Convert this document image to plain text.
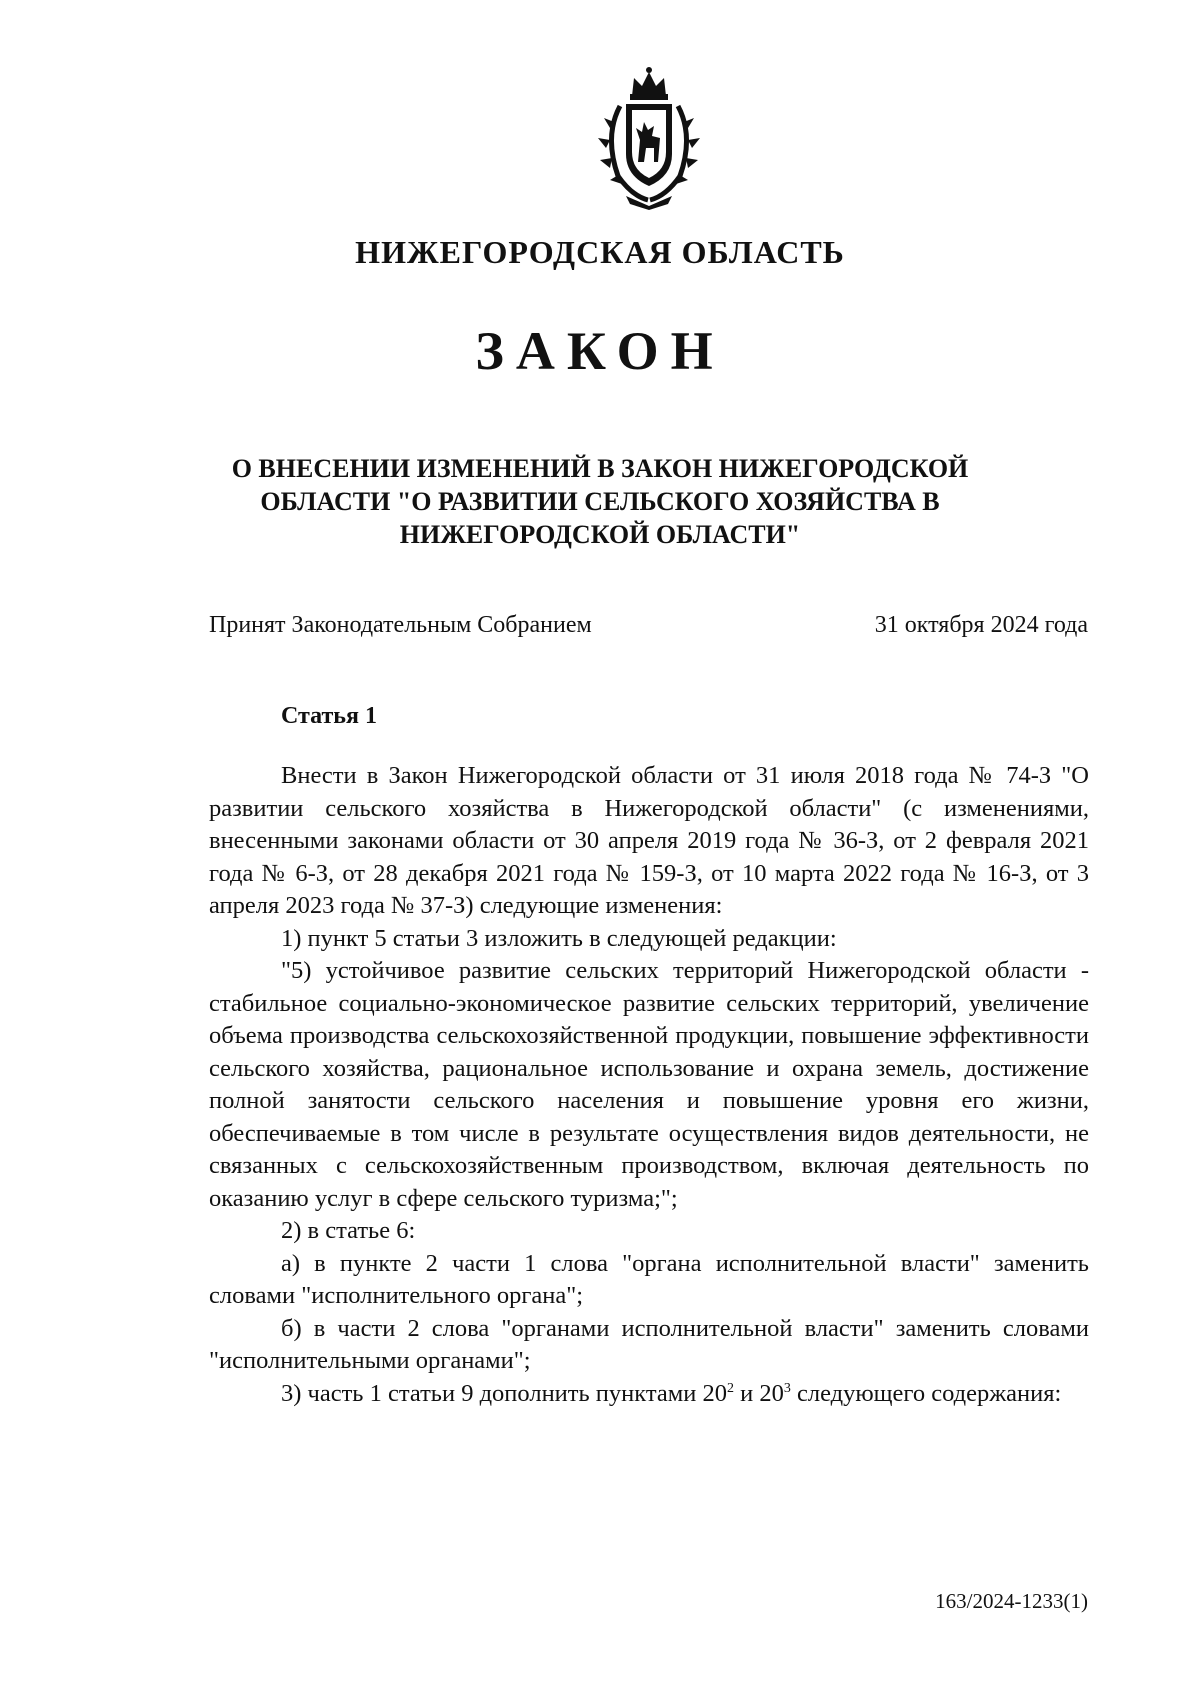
НИЖЕГОРОДСКАЯ ОБЛАСТЬ
ЗАКОН
О ВНЕСЕНИИ ИЗМЕНЕНИЙ В ЗАКОН НИЖЕГОРОДСКОЙ
ОБЛАСТИ "О РАЗВИТИИ СЕЛЬСКОГО ХОЗЯЙСТВА В
НИЖЕГОРОДСКОЙ ОБЛАСТИ"
Принят Законодательным Собранием	31 октября 2024 года
Статья 1

Внести в Закон Нижегородской области от 31 июля 2018 года № 74-З "О развитии сельского хозяйства в Нижегородской области" (с изменениями, внесенными законами области от 30 апреля 2019 года № 36-З, от 2 февраля 2021 года № 6-З, от 28 декабря 2021 года № 159-З, от 10 марта 2022 года № 16-З, от 3 апреля 2023 года № 37-З) следующие изменения:

1) пункт 5 статьи 3 изложить в следующей редакции:

"5) устойчивое развитие сельских территорий Нижегородской области - стабильное социально-экономическое развитие сельских территорий, увеличение объема производства сельскохозяйственной продукции, повышение эффективности сельского хозяйства, рациональное использование и охрана земель, достижение полной занятости сельского населения и повышение уровня его жизни, обеспечиваемые в том числе в результате осуществления видов деятельности, не связанных с сельскохозяйственным производством, включая деятельность по оказанию услуг в сфере сельского туризма;";

2) в статье 6:

а) в пункте 2 части 1 слова "органа исполнительной власти" заменить словами "исполнительного органа";

б) в части 2 слова "органами исполнительной власти" заменить словами "исполнительными органами";

3) часть 1 статьи 9 дополнить пунктами $20^2$ и $20^3$ следующего содержания:

163/2024-1233(1)
